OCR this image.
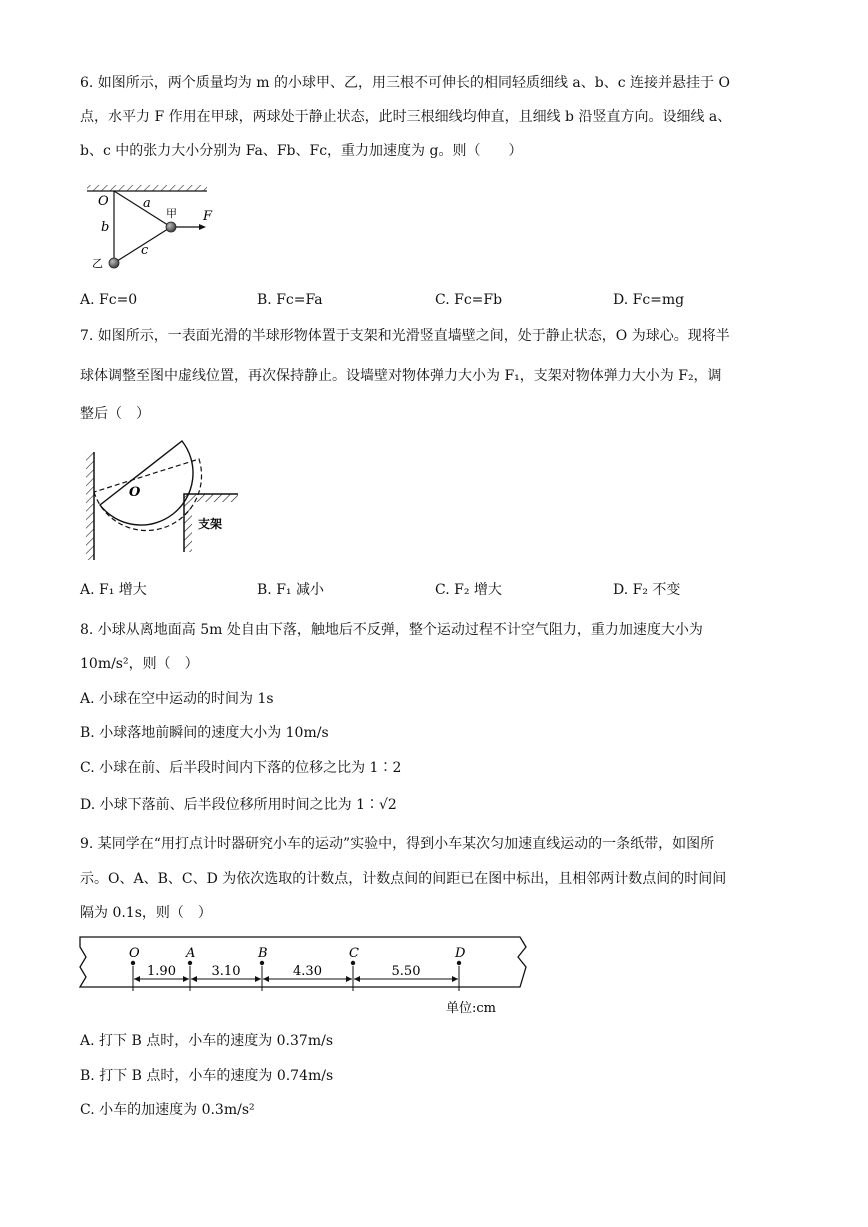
6. 如图所示，两个质量均为 m 的小球甲、乙，用三根不可伸长的相同轻质细线 a、b、c 连接并悬挂于 O
点，水平力 F 作用在甲球，两球处于静止状态，此时三根细线均伸直，且细线 b 沿竖直方向。设细线 a、
b、c 中的张力大小分别为 Fa、Fb、Fc，重力加速度为 g。则（　　）
O	a
b
c
甲
乙
F
A. Fc=0	B. Fc=Fa	C. Fc=Fb	D. Fc=mg
7. 如图所示，一表面光滑的半球形物体置于支架和光滑竖直墙壁之间，处于静止状态，O 为球心。现将半
球体调整至图中虚线位置，再次保持静止。设墙壁对物体弹力大小为 F₁，支架对物体弹力大小为 F₂，调
整后（　）
O
支架
A. F₁ 增大	B. F₁ 减小	C. F₂ 增大	D. F₂ 不变
8. 小球从离地面高 5m 处自由下落，触地后不反弹，整个运动过程不计空气阻力，重力加速度大小为
10m/s²，则（　）
A. 小球在空中运动的时间为 1s
B. 小球落地前瞬间的速度大小为 10m/s
C. 小球在前、后半段时间内下落的位移之比为 1∶2
D. 小球下落前、后半段位移所用时间之比为 1∶√2
9. 某同学在“用打点计时器研究小车的运动”实验中，得到小车某次匀加速直线运动的一条纸带，如图所
示。O、A、B、C、D 为依次选取的计数点，计数点间的间距已在图中标出，且相邻两计数点间的时间间
隔为 0.1s，则（　）
O	A	B	C	D
1.90	3.10	4.30	5.50
单位:cm
A. 打下 B 点时，小车的速度为 0.37m/s
B. 打下 B 点时，小车的速度为 0.74m/s
C. 小车的加速度为 0.3m/s²
